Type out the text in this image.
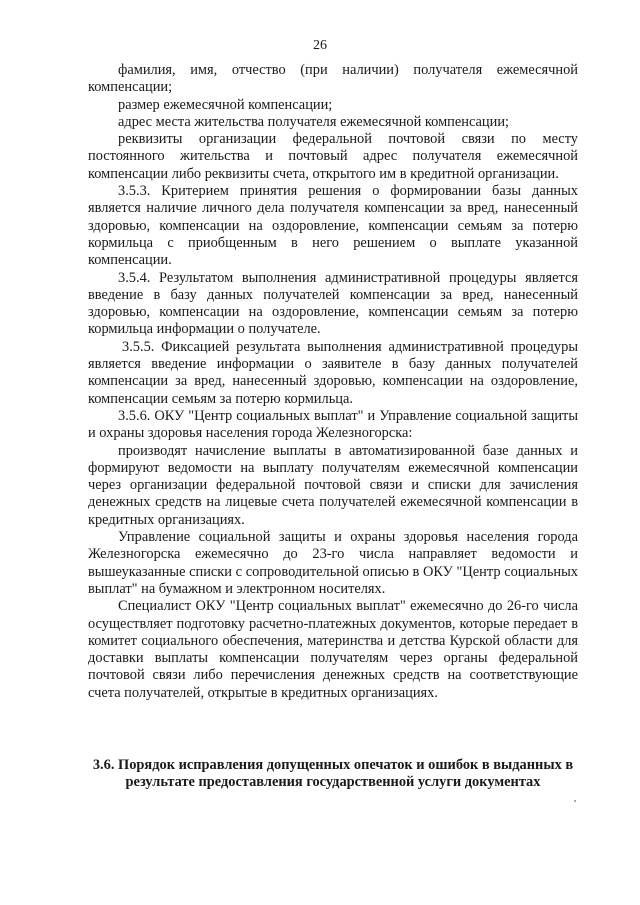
26

фамилия, имя, отчество (при наличии) получателя ежемесячной компенсации;

размер ежемесячной компенсации;

адрес места жительства получателя ежемесячной компенсации;

реквизиты организации федеральной почтовой связи по месту постоянного жительства и почтовый адрес получателя ежемесячной компенсации либо реквизиты счета, открытого им в кредитной организации.

3.5.3. Критерием принятия решения о формировании базы данных является наличие личного дела получателя компенсации за вред, нанесенный здоровью, компенсации на оздоровление, компенсации семьям за потерю кормильца с приобщенным в него решением о выплате указанной компенсации.

3.5.4. Результатом выполнения административной процедуры является введение в базу данных получателей компенсации за вред, нанесенный здоровью, компенсации на оздоровление, компенсации семьям за потерю кормильца информации о получателе.

3.5.5. Фиксацией результата выполнения административной процедуры является введение информации о заявителе в базу данных получателей компенсации за вред, нанесенный здоровью, компенсации на оздоровление, компенсации семьям за потерю кормильца.

3.5.6. ОКУ "Центр социальных выплат" и Управление социальной защиты и охраны здоровья населения города Железногорска:

производят начисление выплаты в автоматизированной базе данных и формируют ведомости на выплату получателям ежемесячной компенсации через организации федеральной почтовой связи и списки для зачисления денежных средств на лицевые счета получателей ежемесячной компенсации в кредитных организациях.

Управление социальной защиты и охраны здоровья населения города Железногорска ежемесячно до 23-го числа направляет ведомости и вышеуказанные списки с сопроводительной описью в ОКУ "Центр социальных выплат" на бумажном и электронном носителях.

Специалист ОКУ "Центр социальных выплат" ежемесячно до 26-го числа осуществляет подготовку расчетно-платежных документов, которые передает в комитет социального обеспечения, материнства и детства Курской области для доставки выплаты компенсации получателям через органы федеральной почтовой связи либо перечисления денежных средств на соответствующие счета получателей, открытые в кредитных организациях.

3.6. Порядок исправления допущенных опечаток и ошибок в выданных в результате предоставления государственной услуги документах
